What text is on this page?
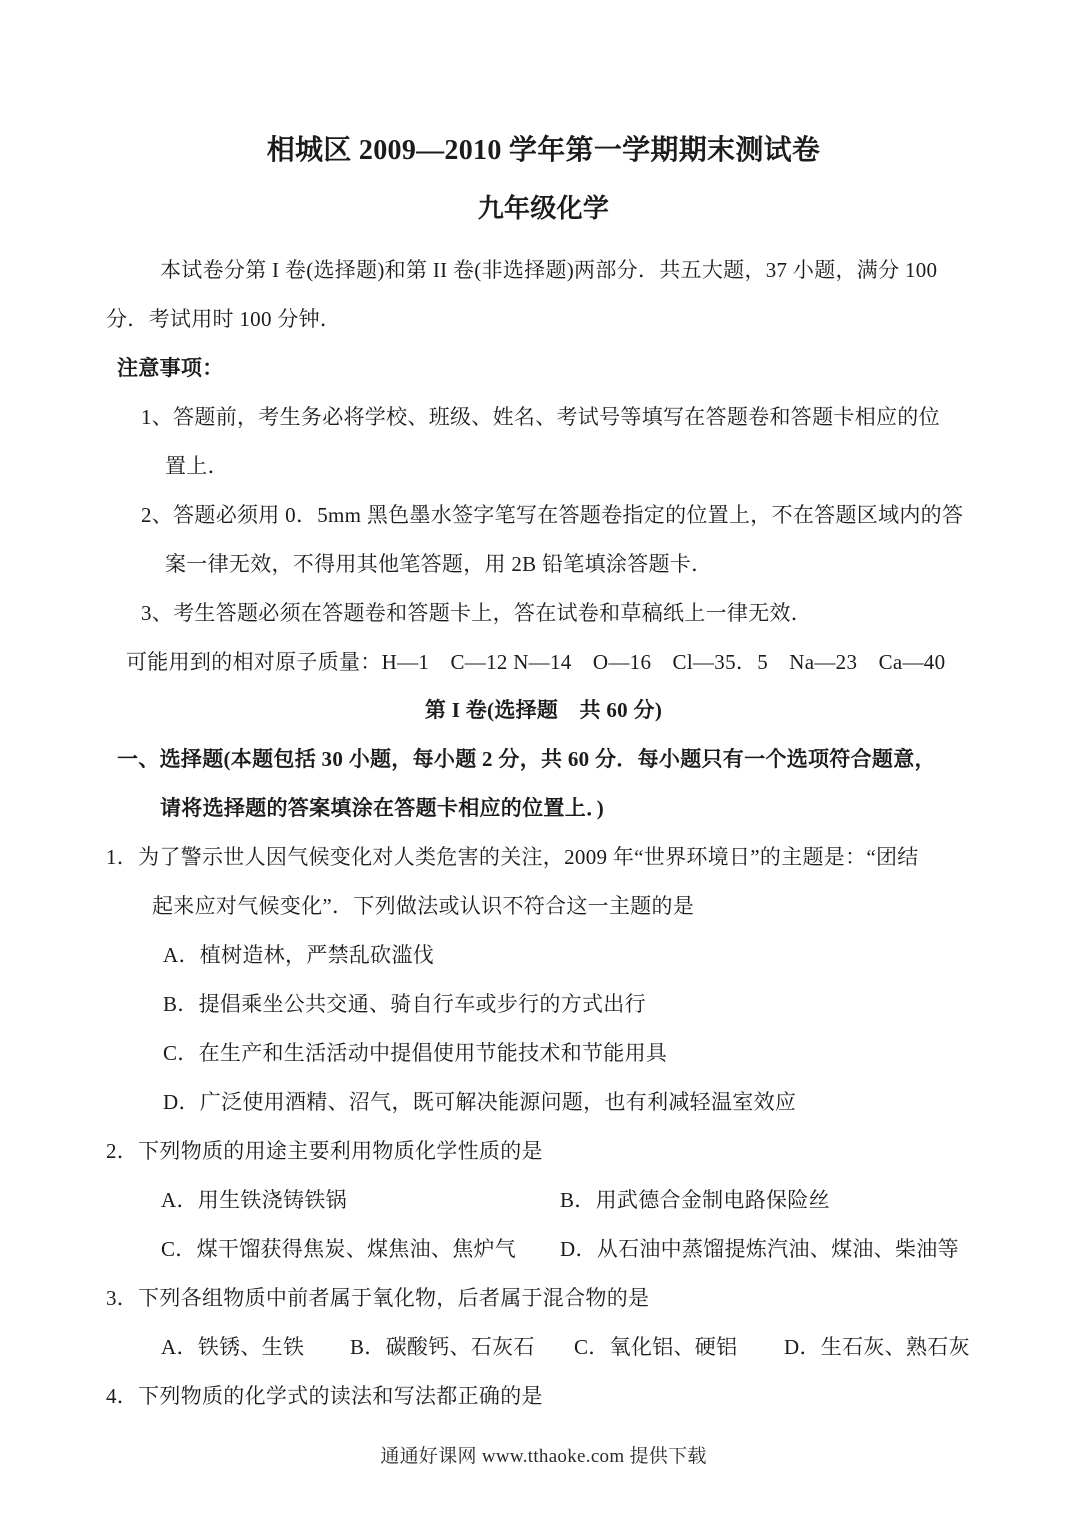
相城区 2009—2010 学年第一学期期末测试卷
九年级化学
本试卷分第 I 卷(选择题)和第 II 卷(非选择题)两部分．共五大题，37 小题，满分 100
分．考试用时 100 分钟．
注意事项：
1、答题前，考生务必将学校、班级、姓名、考试号等填写在答题卷和答题卡相应的位
置上．
2、答题必须用 0．5mm 黑色墨水签字笔写在答题卷指定的位置上，不在答题区域内的答
案一律无效，不得用其他笔答题，用 2B 铅笔填涂答题卡．
3、考生答题必须在答题卷和答题卡上，答在试卷和草稿纸上一律无效．
可能用到的相对原子质量：H—1　C—12 N—14　O—16　Cl—35．5　Na—23　Ca—40
第 I 卷(选择题　共 60 分)
一、选择题(本题包括 30 小题，每小题 2 分，共 60 分．每小题只有一个选项符合题意，
请将选择题的答案填涂在答题卡相应的位置上．)
1．为了警示世人因气候变化对人类危害的关注，2009 年“世界环境日”的主题是：“团结
起来应对气候变化”．下列做法或认识不符合这一主题的是
A．植树造林，严禁乱砍滥伐
B．提倡乘坐公共交通、骑自行车或步行的方式出行
C．在生产和生活活动中提倡使用节能技术和节能用具
D．广泛使用酒精、沼气，既可解决能源问题，也有利减轻温室效应
2．下列物质的用途主要利用物质化学性质的是
A．用生铁浇铸铁锅	B．用武德合金制电路保险丝
C．煤干馏获得焦炭、煤焦油、焦炉气 D．从石油中蒸馏提炼汽油、煤油、柴油等
3．下列各组物质中前者属于氧化物，后者属于混合物的是
A．铁锈、生铁 B．碳酸钙、石灰石 C．氧化铝、硬铝 D．生石灰、熟石灰
4．下列物质的化学式的读法和写法都正确的是
通通好课网 www.tthaoke.com 提供下载
